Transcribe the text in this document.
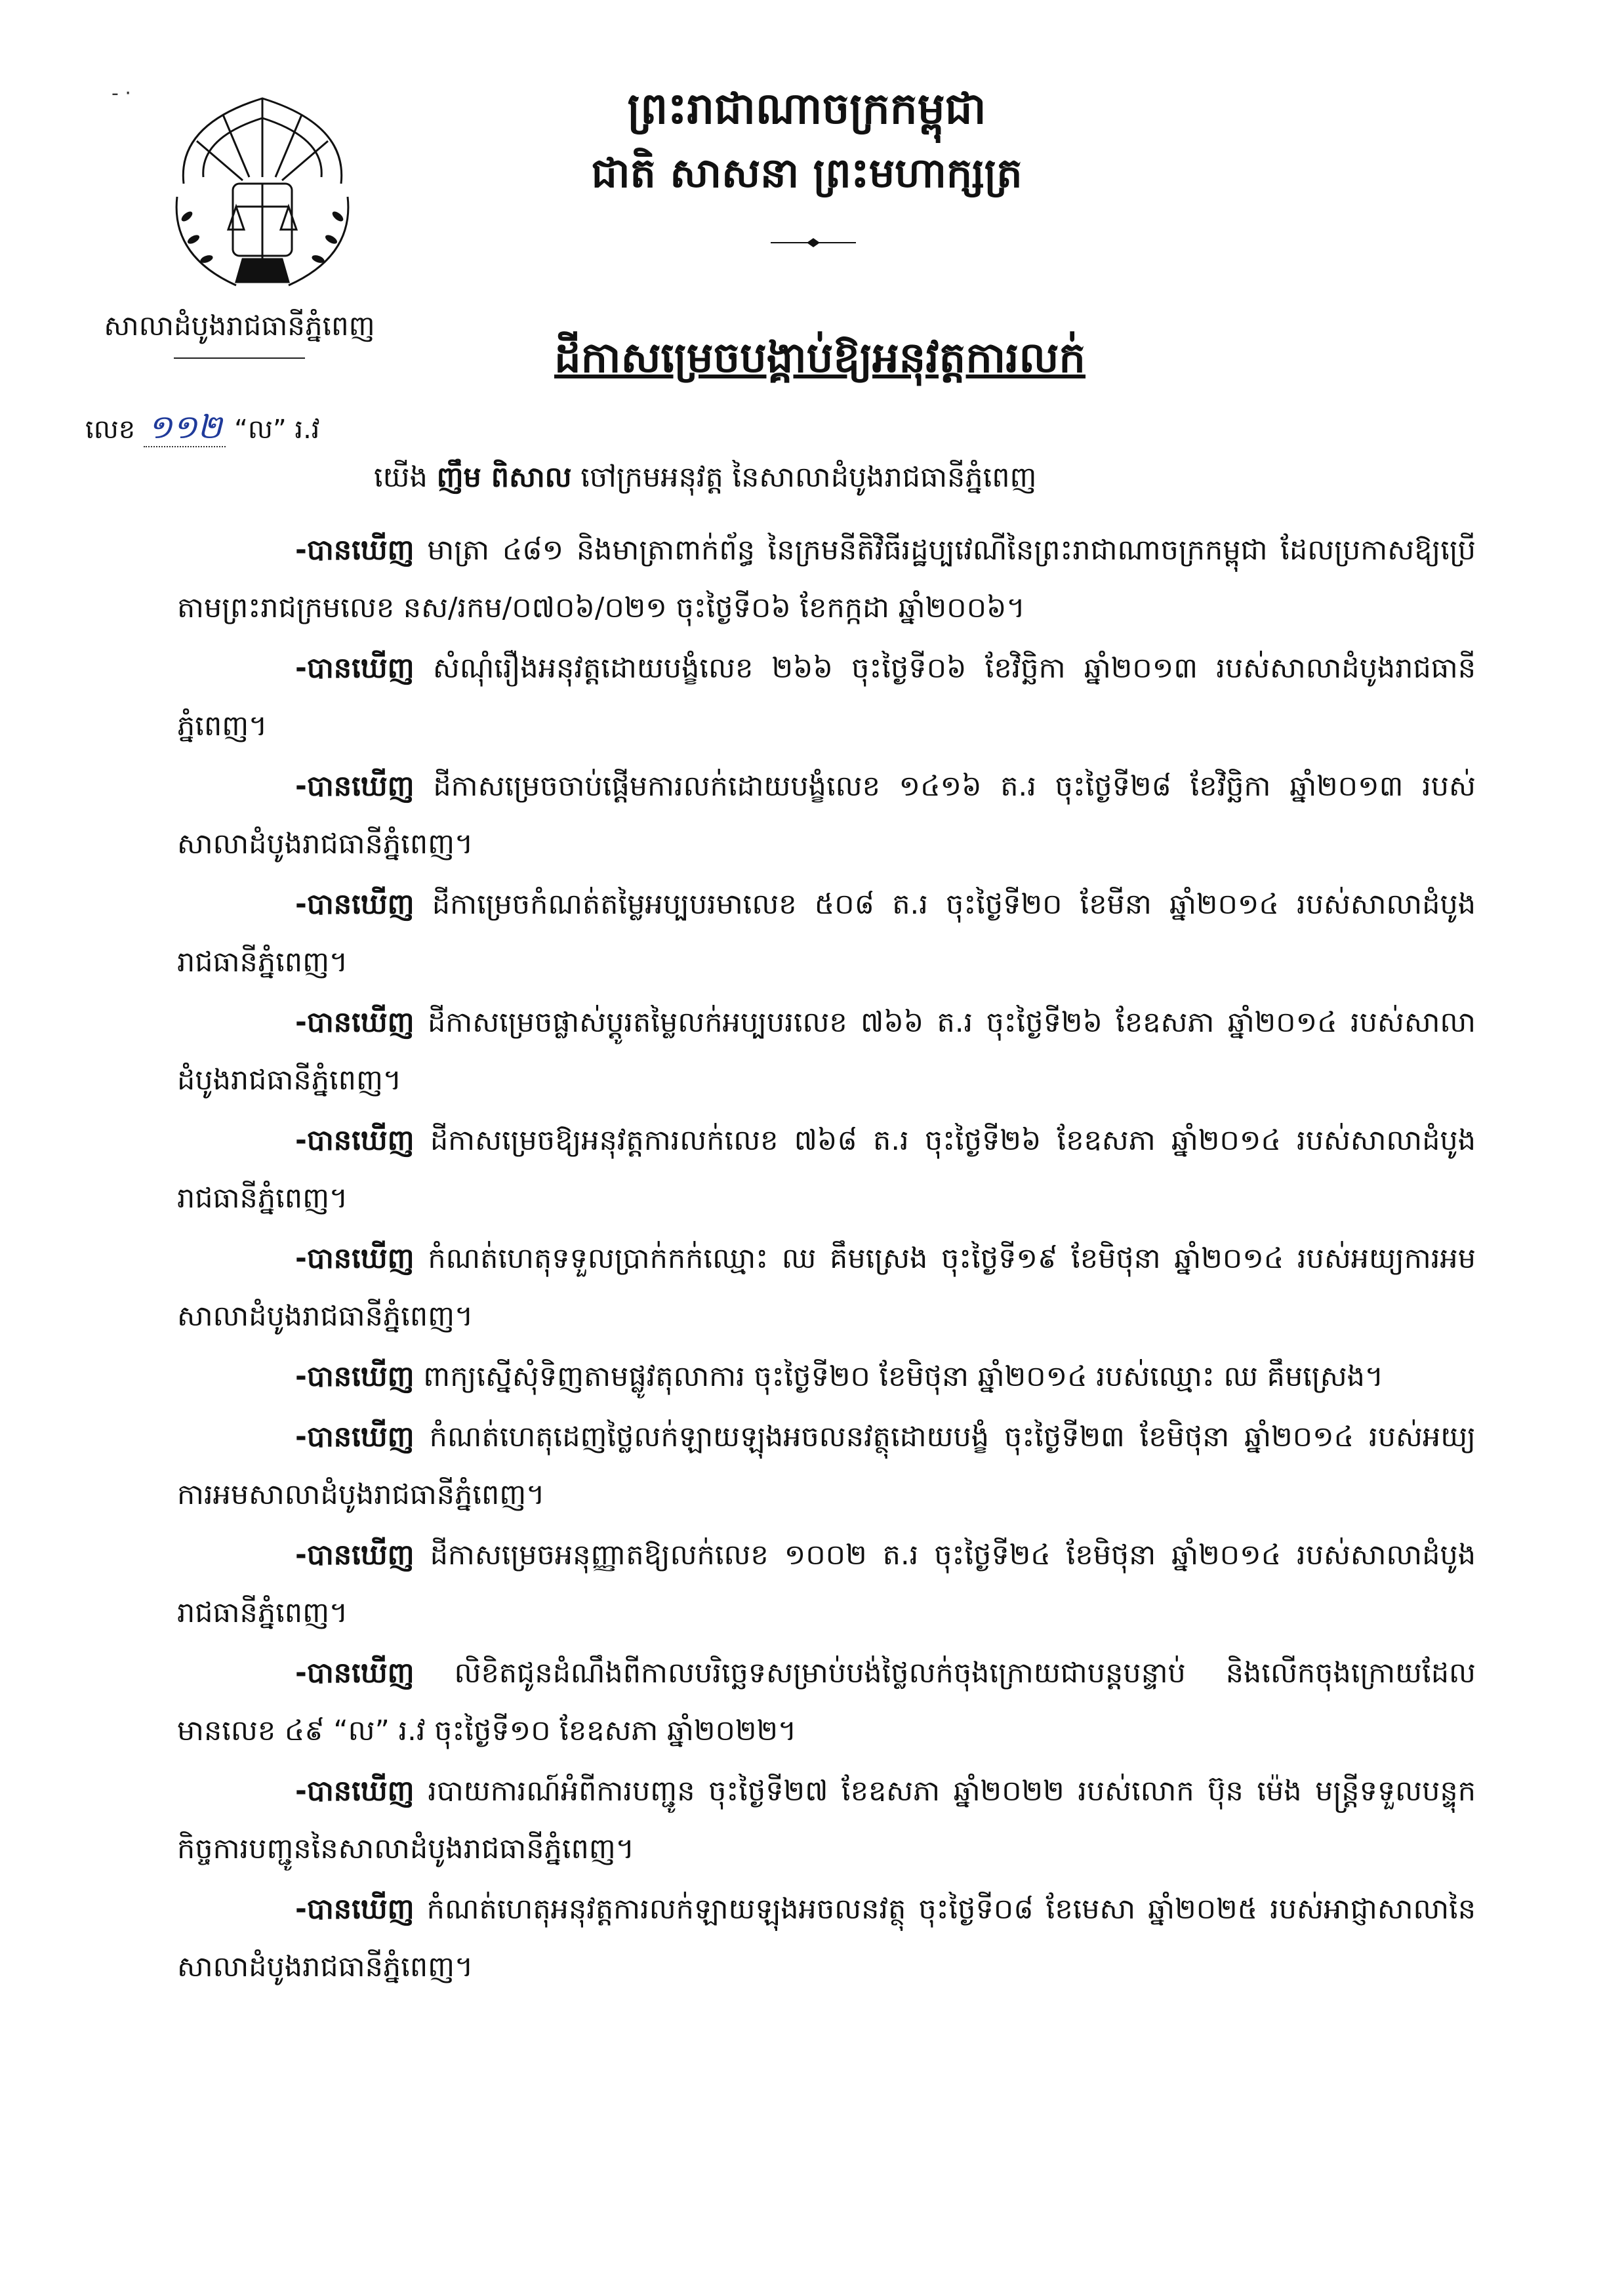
- ·
សាលាដំបូងរាជធានីភ្នំពេញ
ព្រះរាជាណាចក្រកម្ពុជា
ជាតិ សាសនា ព្រះមហាក្សត្រ
ដីកាសម្រេចបង្គាប់ឱ្យអនុវត្តការលក់
លេខ ១១២ “ល” រ.វ
យើង ញឹម ពិសាល ចៅក្រមអនុវត្ត នៃសាលាដំបូងរាជធានីភ្នំពេញ

-បានឃើញ មាត្រា ៤៨១ និងមាត្រាពាក់ព័ន្ធ នៃក្រមនីតិវិធីរដ្ឋប្បវេណីនៃព្រះរាជាណាចក្រកម្ពុជា ដែលប្រកាសឱ្យប្រើតាមព្រះរាជក្រមលេខ នស/រកម/០៧០៦/០២១ ចុះថ្ងៃទី០៦ ខែកក្កដា ឆ្នាំ២០០៦។

-បានឃើញ សំណុំរឿងអនុវត្តដោយបង្ខំលេខ ២៦៦ ចុះថ្ងៃទី០៦ ខែវិច្ឆិកា ឆ្នាំ២០១៣ របស់សាលាដំបូងរាជធានីភ្នំពេញ។

-បានឃើញ ដីកាសម្រេចចាប់ផ្តើមការលក់ដោយបង្ខំលេខ ១៤១៦ ត.រ ចុះថ្ងៃទី២៨ ខែវិច្ឆិកា ឆ្នាំ២០១៣ របស់សាលាដំបូងរាជធានីភ្នំពេញ។

-បានឃើញ ដីកាម្រេចកំណត់តម្លៃអប្បបរមាលេខ ៥០៨ ត.រ ចុះថ្ងៃទី២០ ខែមីនា ឆ្នាំ២០១៤ របស់សាលាដំបូងរាជធានីភ្នំពេញ។

-បានឃើញ ដីកាសម្រេចផ្លាស់ប្តូរតម្លៃលក់អប្បបរលេខ ៧៦៦ ត.រ ចុះថ្ងៃទី២៦ ខែឧសភា ឆ្នាំ២០១៤ របស់សាលាដំបូងរាជធានីភ្នំពេញ។

-បានឃើញ ដីកាសម្រេចឱ្យអនុវត្តការលក់លេខ ៧៦៨ ត.រ ចុះថ្ងៃទី២៦ ខែឧសភា ឆ្នាំ២០១៤ របស់សាលាដំបូងរាជធានីភ្នំពេញ។

-បានឃើញ កំណត់ហេតុទទួលប្រាក់កក់ឈ្មោះ ឈ គឹមស្រេង ចុះថ្ងៃទី១៩ ខែមិថុនា ឆ្នាំ២០១៤ របស់អយ្យការអមសាលាដំបូងរាជធានីភ្នំពេញ។

-បានឃើញ ពាក្យស្នើសុំទិញតាមផ្លូវតុលាការ ចុះថ្ងៃទី២០ ខែមិថុនា ឆ្នាំ២០១៤ របស់ឈ្មោះ ឈ គឹមស្រេង។

-បានឃើញ កំណត់ហេតុដេញថ្លៃលក់ឡាយឡុងអចលនវត្ថុដោយបង្ខំ ចុះថ្ងៃទី២៣ ខែមិថុនា ឆ្នាំ២០១៤ របស់អយ្យការអមសាលាដំបូងរាជធានីភ្នំពេញ។

-បានឃើញ ដីកាសម្រេចអនុញ្ញាតឱ្យលក់លេខ ១០០២ ត.រ ចុះថ្ងៃទី២៤ ខែមិថុនា ឆ្នាំ២០១៤ របស់សាលាដំបូងរាជធានីភ្នំពេញ។

-បានឃើញ លិខិតជូនដំណឹងពីកាលបរិច្ឆេទសម្រាប់បង់ថ្លៃលក់ចុងក្រោយជាបន្តបន្ទាប់ និងលើកចុងក្រោយដែលមានលេខ ៤៩ “ល” រ.វ ចុះថ្ងៃទី១០ ខែឧសភា ឆ្នាំ២០២២។

-បានឃើញ របាយការណ៍អំពីការបញ្ជូន ចុះថ្ងៃទី២៧ ខែឧសភា ឆ្នាំ២០២២ របស់លោក ប៊ុន ម៉េង មន្ត្រីទទួលបន្ទុកកិច្ចការបញ្ជូននៃសាលាដំបូងរាជធានីភ្នំពេញ។

-បានឃើញ កំណត់ហេតុអនុវត្តការលក់ឡាយឡុងអចលនវត្ថុ ចុះថ្ងៃទី០៨ ខែមេសា ឆ្នាំ២០២៥ របស់អាជ្ញាសាលានៃសាលាដំបូងរាជធានីភ្នំពេញ។
